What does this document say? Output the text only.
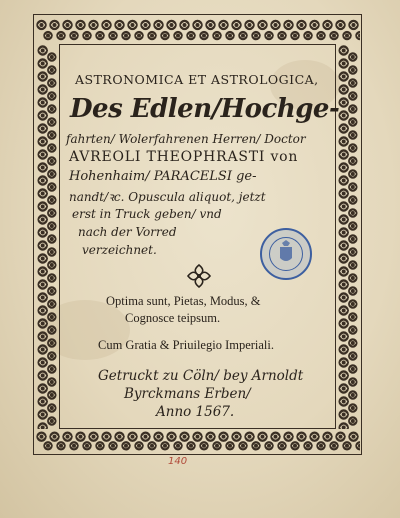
ASTRONOMICA ET ASTROLOGICA,
Des Edlen/Hochge-
fahrten/ Wolerfahrenen Herren/ Doctor
AVREOLI THEOPHRASTI von
Hohenhaim/ PARACELSI ge-
nandt/ꝛc. Opuscula aliquot, jetzt
erst in Truck geben/ vnd
nach der Vorred
verzeichnet.
Optima sunt, Pietas, Modus, &
Cognosce teipsum.
Cum Gratia & Priuilegio Imperiali.
Getruckt zu Cöln/ bey Arnoldt
Byrckmans Erben/
Anno 1567.
140
